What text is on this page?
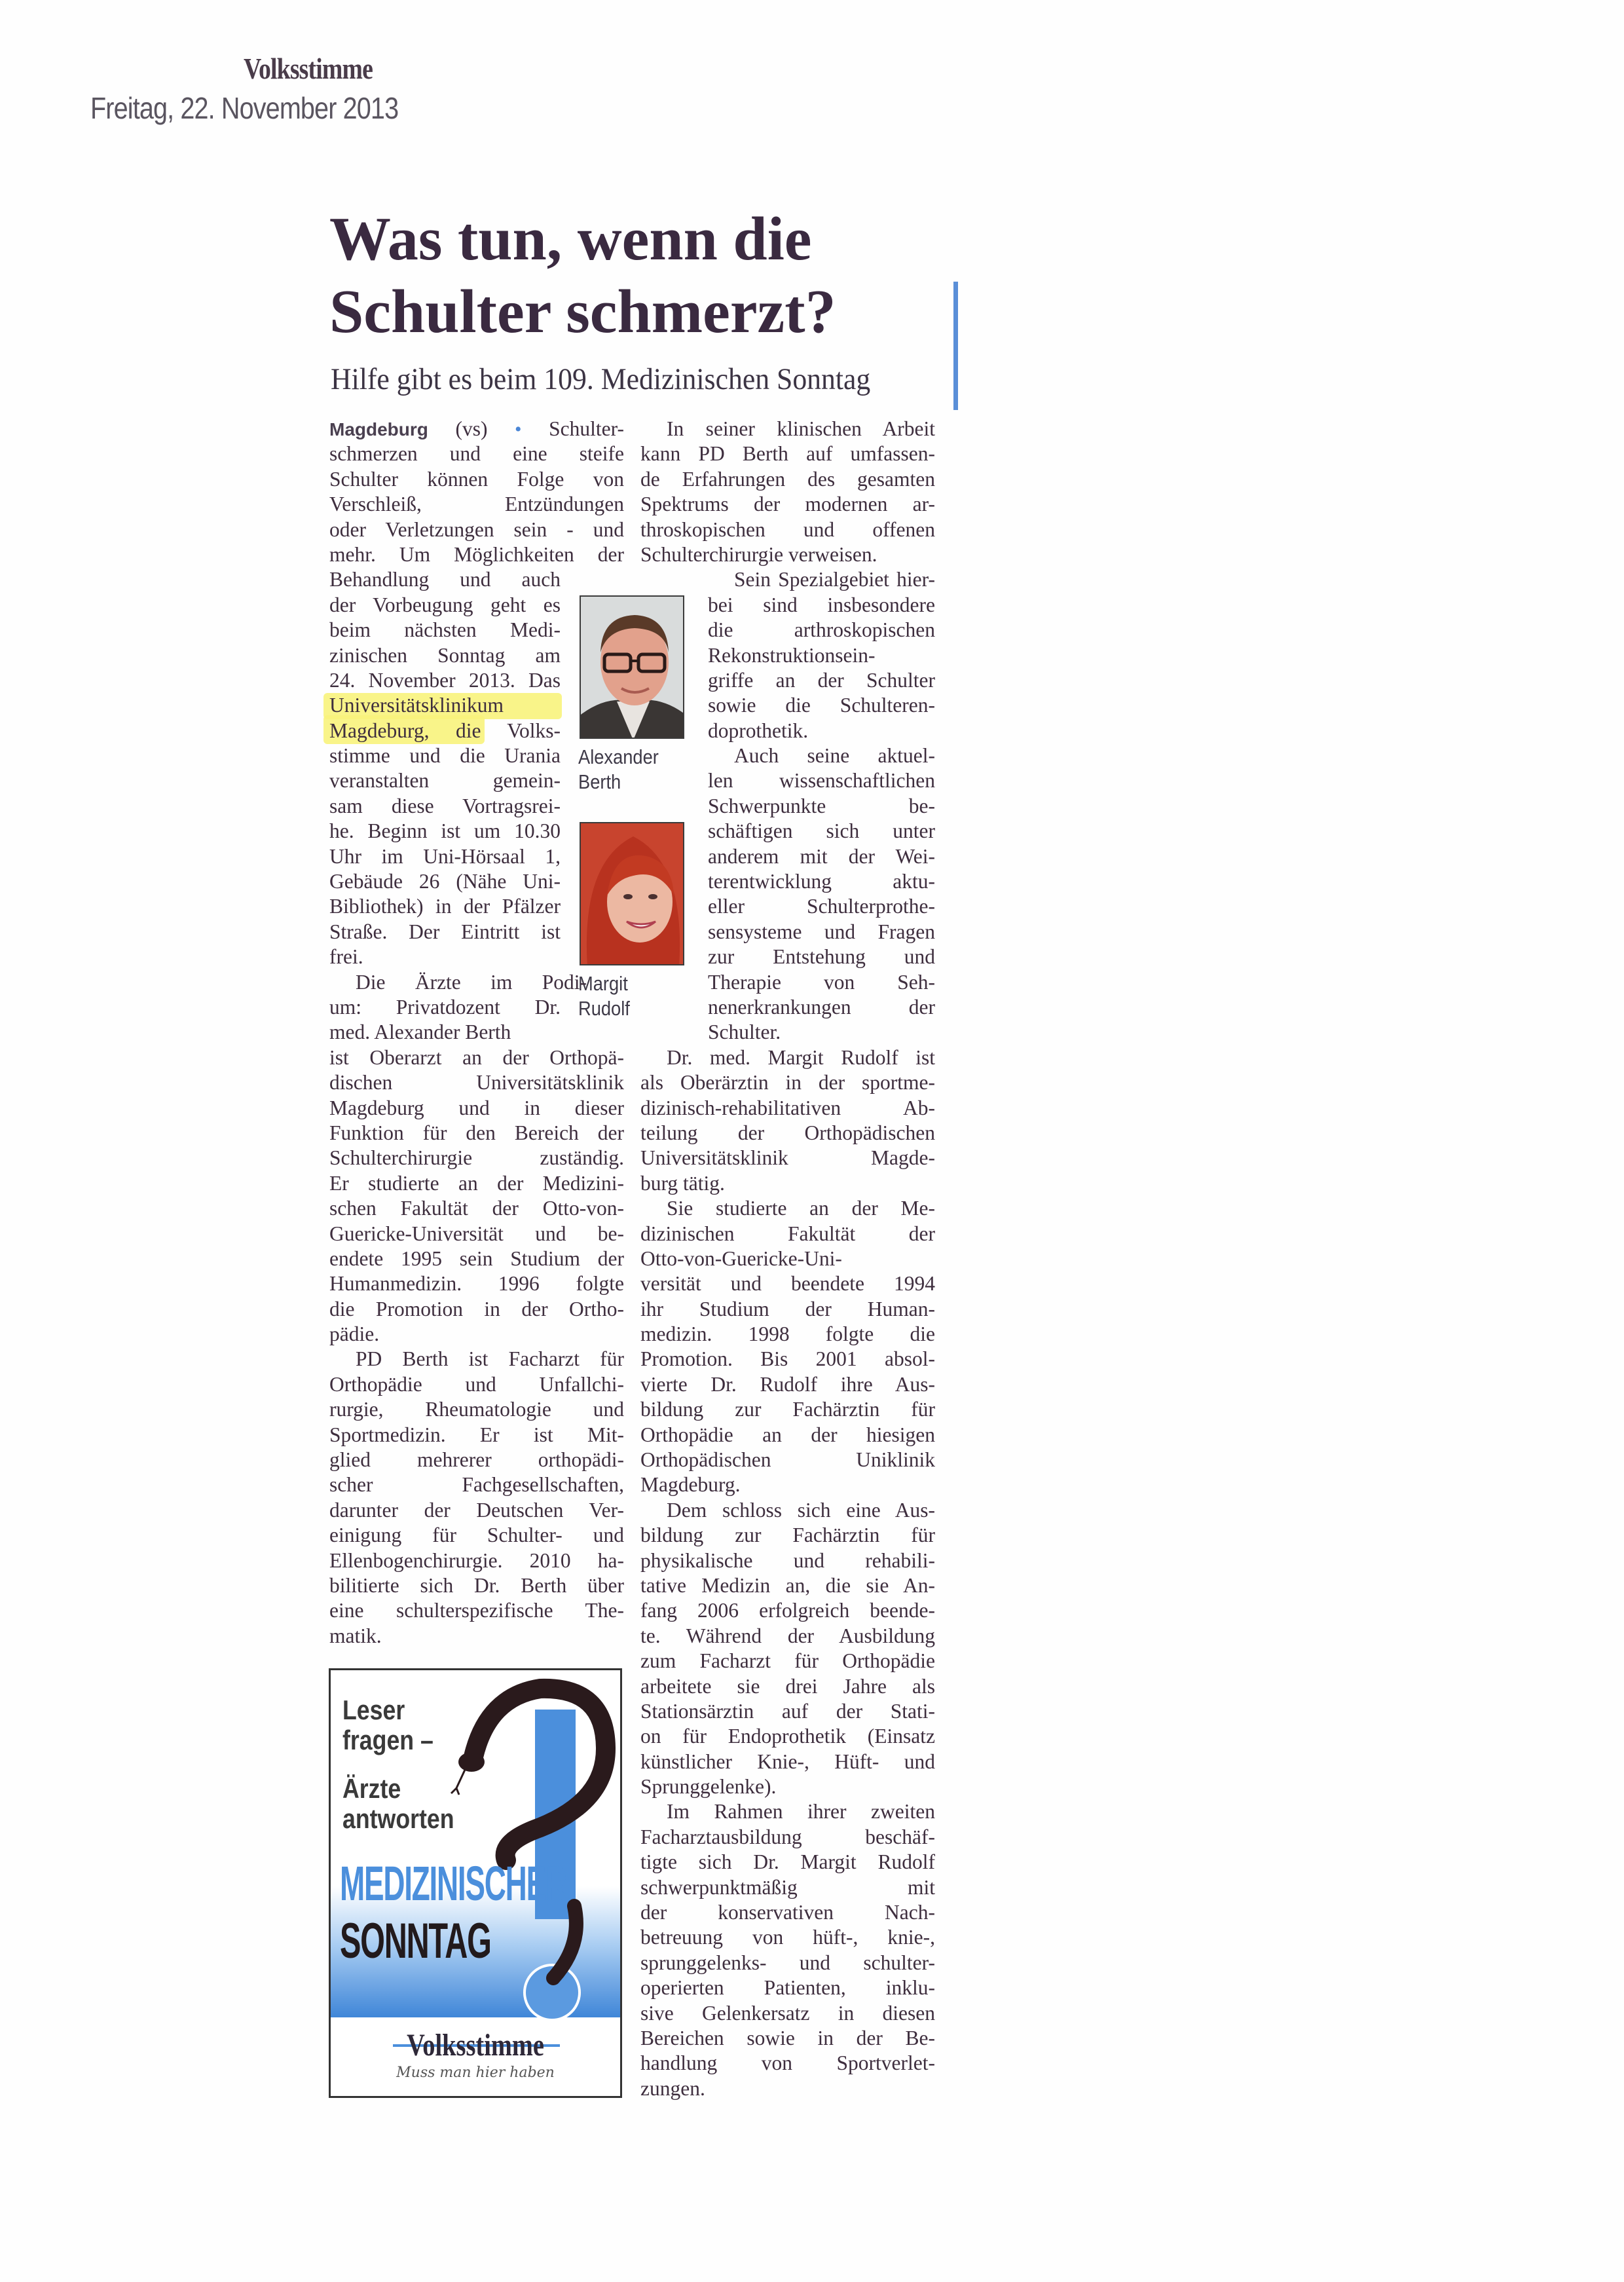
Volksstimme
Freitag, 22. November 2013
Was tun, wenn die
Schulter schmerzt?
Hilfe gibt es beim 109. Medizinischen Sonntag
Magdeburg (vs) • Schulter-
schmerzen und eine steife
Schulter können Folge von
Verschleiß, Entzündungen
oder Verletzungen sein - und
mehr. Um Möglichkeiten der
Behandlung und auch
der Vorbeugung geht es
beim nächsten Medi-
zinischen Sonntag am
24. November 2013. Das
Universitätsklinikum
Magdeburg, die Volks-
stimme und die Urania
veranstalten gemein-
sam diese Vortragsrei-
he. Beginn ist um 10.30
Uhr im Uni-Hörsaal 1,
Gebäude 26 (Nähe Uni-
Bibliothek) in der Pfälzer
Straße. Der Eintritt ist
frei.
Die Ärzte im Podi-
um: Privatdozent Dr.
med. Alexander Berth
ist Oberarzt an der Orthopä-
dischen Universitätsklinik
Magdeburg und in dieser
Funktion für den Bereich der
Schulterchirurgie zuständig.
Er studierte an der Medizini-
schen Fakultät der Otto-von-
Guericke-Universität und be-
endete 1995 sein Studium der
Humanmedizin. 1996 folgte
die Promotion in der Ortho-
pädie.
PD Berth ist Facharzt für
Orthopädie und Unfallchi-
rurgie, Rheumatologie und
Sportmedizin. Er ist Mit-
glied mehrerer orthopädi-
scher Fachgesellschaften,
darunter der Deutschen Ver-
einigung für Schulter- und
Ellenbogenchirurgie. 2010 ha-
bilitierte sich Dr. Berth über
eine schulterspezifische The-
matik.
In seiner klinischen Arbeit
kann PD Berth auf umfassen-
de Erfahrungen des gesamten
Spektrums der modernen ar-
throskopischen und offenen
Schulterchirurgie verweisen.
Sein Spezialgebiet hier-
bei sind insbesondere
die arthroskopischen
Rekonstruktionsein-
griffe an der Schulter
sowie die Schulteren-
doprothetik.
Auch seine aktuel-
len wissenschaftlichen
Schwerpunkte be-
schäftigen sich unter
anderem mit der Wei-
terentwicklung aktu-
eller Schulterprothe-
sensysteme und Fragen
zur Entstehung und
Therapie von Seh-
nenerkrankungen der
Schulter.
Dr. med. Margit Rudolf ist
als Oberärztin in der sportme-
dizinisch-rehabilitativen Ab-
teilung der Orthopädischen
Universitätsklinik Magde-
burg tätig.
Sie studierte an der Me-
dizinischen Fakultät der
Otto-von-Guericke-Uni-
versität und beendete 1994
ihr Studium der Human-
medizin. 1998 folgte die
Promotion. Bis 2001 absol-
vierte Dr. Rudolf ihre Aus-
bildung zur Fachärztin für
Orthopädie an der hiesigen
Orthopädischen Uniklinik
Magdeburg.
Dem schloss sich eine Aus-
bildung zur Fachärztin für
physikalische und rehabili-
tative Medizin an, die sie An-
fang 2006 erfolgreich beende-
te. Während der Ausbildung
zum Facharzt für Orthopädie
arbeitete sie drei Jahre als
Stationsärztin auf der Stati-
on für Endoprothetik (Einsatz
künstlicher Knie-, Hüft- und
Sprunggelenke).
Im Rahmen ihrer zweiten
Facharztausbildung beschäf-
tigte sich Dr. Margit Rudolf
schwerpunktmäßig mit
der konservativen Nach-
betreuung von hüft-, knie-,
sprunggelenks- und schulter-
operierten Patienten, inklu-
sive Gelenkersatz in diesen
Bereichen sowie in der Be-
handlung von Sportverlet-
zungen.
Alexander
Berth
Margit
Rudolf
Leser
fragen –
Ärzte
antworten
MEDIZINISCHER
SONNTAG
Volksstimme
Muss man hier haben
